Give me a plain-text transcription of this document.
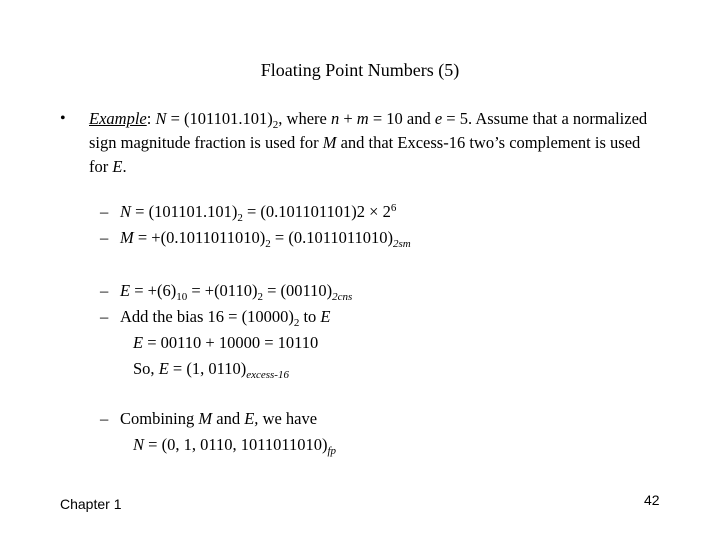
Floating Point Numbers (5)
• Example: $N = (101101.101)_2$, where n + m = 10 and e = 5. Assume that a normalized sign magnitude fraction is used for M and that Excess-16 two’s complement is used for E.
– $N = (101101.101)_2 = (0.101101101)2 \times 2^6$
– $M = +(0.1011011010)_2 = (0.1011011010)_{2sm}$
– $E = +(6)_{10} = +(0110)_2 = (00110)_{2cns}$
– Add the bias $16 = (10000)_2$ to E
E = 00110 + 10000 = 10110
So, E = (1, $0110)_{excess-16}$
– Combining M and E, we have
N = (0, 1, 0110, $1011011010)_{fp}$
Chapter 1	42
